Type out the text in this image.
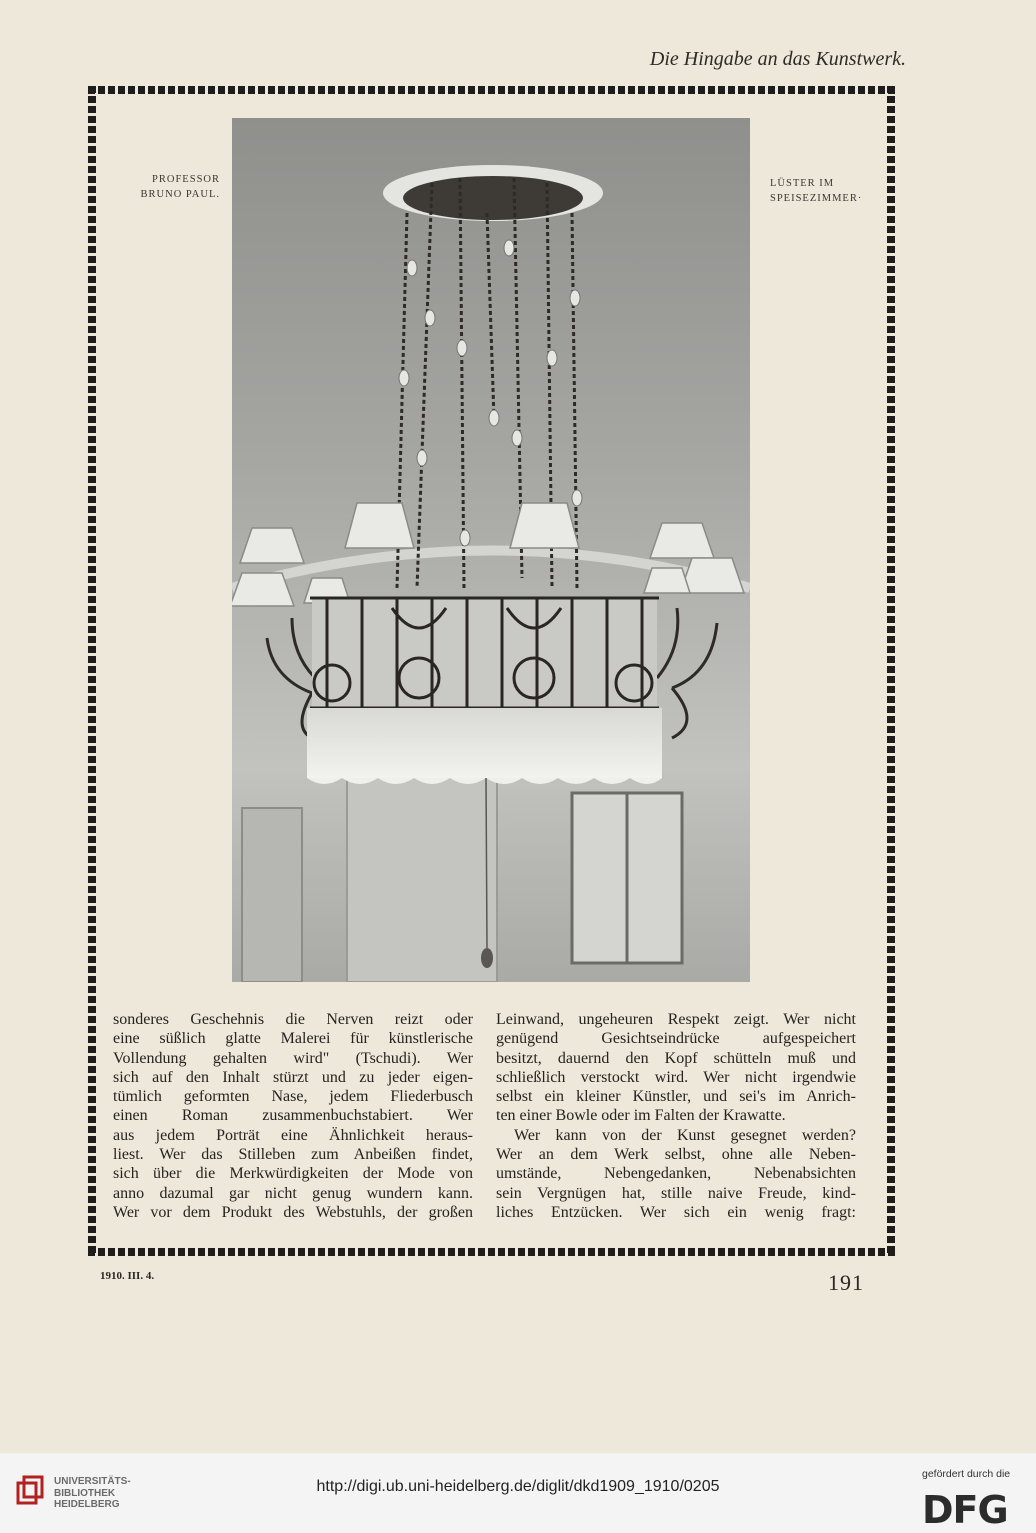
Die Hingabe an das Kunstwerk.
PROFESSOR
BRUNO PAUL.
LÜSTER IM
SPEISEZIMMER·
sonderes Geschehnis die Nerven reizt oder
eine süßlich glatte Malerei für künstlerische
Vollendung gehalten wird" (Tschudi). Wer
sich auf den Inhalt stürzt und zu jeder eigen-
tümlich geformten Nase, jedem Fliederbusch
einen Roman zusammenbuchstabiert. Wer
aus jedem Porträt eine Ähnlichkeit heraus-
liest. Wer das Stilleben zum Anbeißen findet,
sich über die Merkwürdigkeiten der Mode von
anno dazumal gar nicht genug wundern kann.
Wer vor dem Produkt des Webstuhls, der großen
Leinwand, ungeheuren Respekt zeigt. Wer nicht
genügend Gesichtseindrücke aufgespeichert
besitzt, dauernd den Kopf schütteln muß und
schließlich verstockt wird. Wer nicht irgendwie
selbst ein kleiner Künstler, und sei's im Anrich-
ten einer Bowle oder im Falten der Krawatte.
Wer kann von der Kunst gesegnet werden?
Wer an dem Werk selbst, ohne alle Neben-
umstände, Nebengedanken, Nebenabsichten
sein Vergnügen hat, stille naive Freude, kind-
liches Entzücken. Wer sich ein wenig fragt:
1910. III. 4.	191
UNIVERSITÄTS-
BIBLIOTHEK
HEIDELBERG
http://digi.ub.uni-heidelberg.de/diglit/dkd1909_1910/0205
gefördert durch die
DFG
